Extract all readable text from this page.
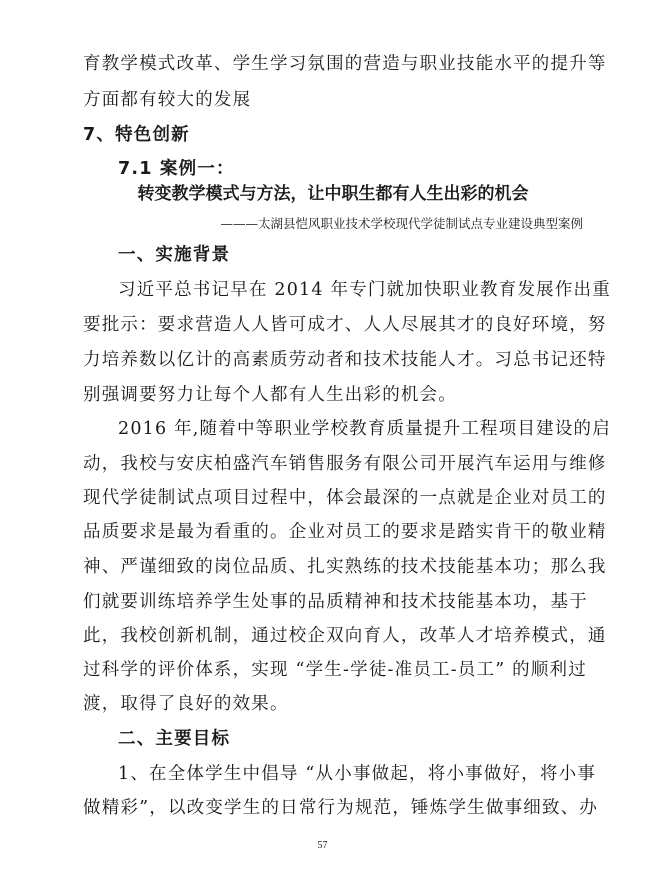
育教学模式改革、学生学习氛围的营造与职业技能水平的提升等
方面都有较大的发展
7、特色创新
7.1 案例一：
转变教学模式与方法，让中职生都有人生出彩的机会
———太湖县恺风职业技术学校现代学徒制试点专业建设典型案例
一、实施背景
习近平总书记早在 2014 年专门就加快职业教育发展作出重
要批示：要求营造人人皆可成才、人人尽展其才的良好环境，努
力培养数以亿计的高素质劳动者和技术技能人才。习总书记还特
别强调要努力让每个人都有人生出彩的机会。
2016 年,随着中等职业学校教育质量提升工程项目建设的启
动，我校与安庆柏盛汽车销售服务有限公司开展汽车运用与维修
现代学徒制试点项目过程中，体会最深的一点就是企业对员工的
品质要求是最为看重的。企业对员工的要求是踏实肯干的敬业精
神、严谨细致的岗位品质、扎实熟练的技术技能基本功；那么我
们就要训练培养学生处事的品质精神和技术技能基本功，基于
此，我校创新机制，通过校企双向育人，改革人才培养模式，通
过科学的评价体系，实现 “学生-学徒-准员工-员工” 的顺利过
渡，取得了良好的效果。
二、主要目标
1、在全体学生中倡导 “从小事做起，将小事做好，将小事
做精彩”，以改变学生的日常行为规范，锤炼学生做事细致、办
57
